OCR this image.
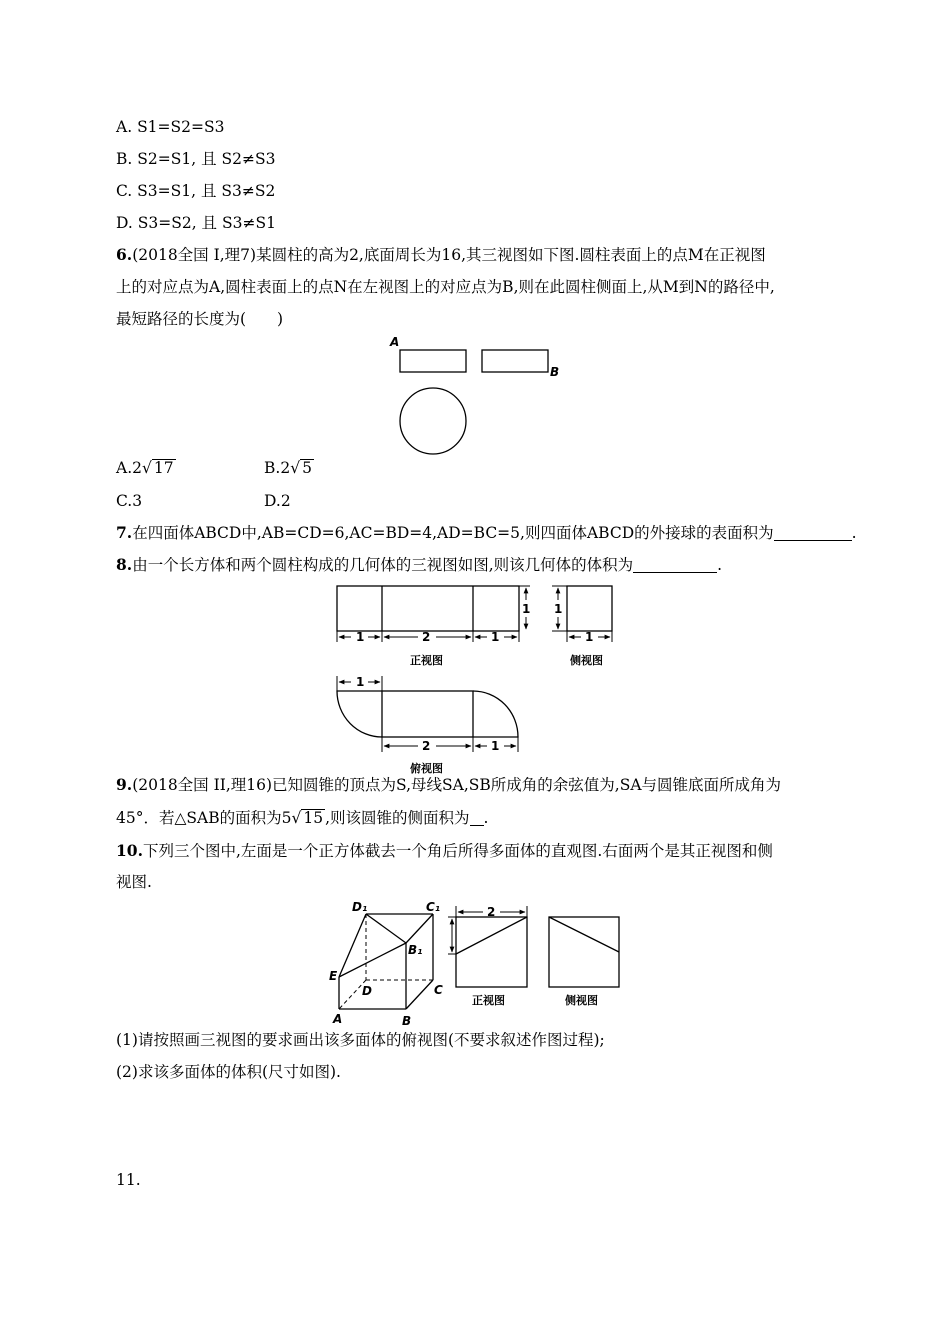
A. S1=S2=S3
B. S2=S1, 且 S2≠S3
C. S3=S1, 且 S3≠S2
D. S3=S2, 且 S3≠S1
6.(2018全国 I,理7)某圆柱的高为2,底面周长为16,其三视图如下图.圆柱表面上的点M在正视图
上的对应点为A,圆柱表面上的点N在左视图上的对应点为B,则在此圆柱侧面上,从M到N的路径中,
最短路径的长度为(　　)
A
B
A.2√ 17	B.2√ 5
C.3	D.2
7.在四面体ABCD中,AB=CD=6,AC=BD=4,AD=BC=5,则四面体ABCD的外接球的表面积为	.
8.由一个长方体和两个圆柱构成的几何体的三视图如图,则该几何体的体积为	.
1	2	1
1
正视图
1
1
侧视图
1
2	1
俯视图
9.(2018全国 II,理16)已知圆锥的顶点为S,母线SA,SB所成角的余弦值为,SA与圆锥底面所成角为
45°．若△SAB的面积为5√ 15 ,则该圆锥的侧面积为 .
10.下列三个图中,左面是一个正方体截去一个角后所得多面体的直观图.右面两个是其正视图和侧
视图.
D₁	C₁
B₁
E
D	C
A	B
2
正视图	侧视图
(1)请按照画三视图的要求画出该多面体的俯视图(不要求叙述作图过程);
(2)求该多面体的体积(尺寸如图).
11.
